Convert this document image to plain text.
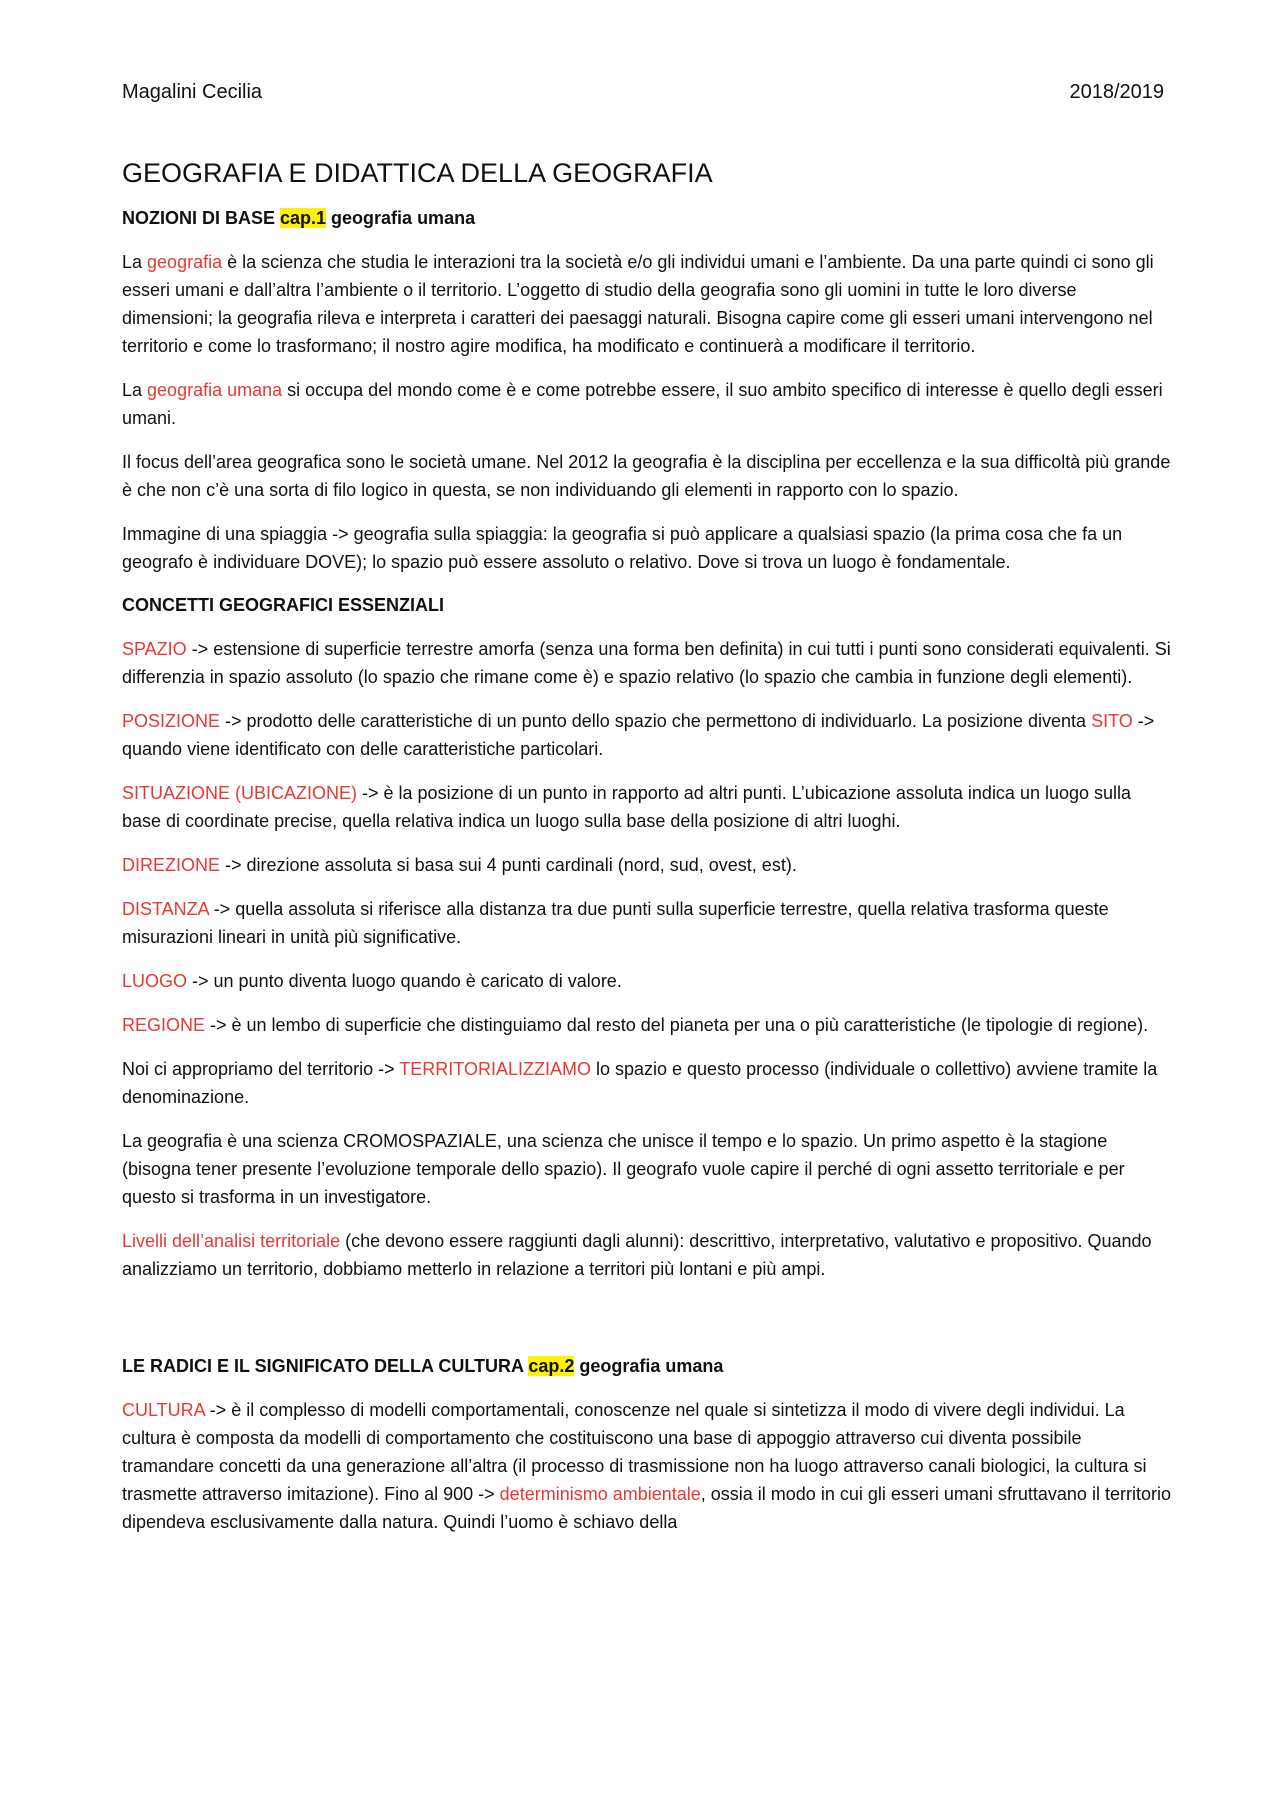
Magalini Cecilia	2018/2019
GEOGRAFIA E DIDATTICA DELLA GEOGRAFIA
NOZIONI DI BASE cap.1 geografia umana

La geografia è la scienza che studia le interazioni tra la società e/o gli individui umani e l’ambiente. Da una parte quindi ci sono gli esseri umani e dall’altra l’ambiente o il territorio. L’oggetto di studio della geografia sono gli uomini in tutte le loro diverse dimensioni; la geografia rileva e interpreta i caratteri dei paesaggi naturali. Bisogna capire come gli esseri umani intervengono nel territorio e come lo trasformano; il nostro agire modifica, ha modificato e continuerà a modificare il territorio.

La geografia umana si occupa del mondo come è e come potrebbe essere, il suo ambito specifico di interesse è quello degli esseri umani.

Il focus dell’area geografica sono le società umane. Nel 2012 la geografia è la disciplina per eccellenza e la sua difficoltà più grande è che non c’è una sorta di filo logico in questa, se non individuando gli elementi in rapporto con lo spazio.

Immagine di una spiaggia -> geografia sulla spiaggia: la geografia si può applicare a qualsiasi spazio (la prima cosa che fa un geografo è individuare DOVE); lo spazio può essere assoluto o relativo. Dove si trova un luogo è fondamentale.

CONCETTI GEOGRAFICI ESSENZIALI

SPAZIO -> estensione di superficie terrestre amorfa (senza una forma ben definita) in cui tutti i punti sono considerati equivalenti. Si differenzia in spazio assoluto (lo spazio che rimane come è) e spazio relativo (lo spazio che cambia in funzione degli elementi).

POSIZIONE -> prodotto delle caratteristiche di un punto dello spazio che permettono di individuarlo. La posizione diventa SITO -> quando viene identificato con delle caratteristiche particolari.

SITUAZIONE (UBICAZIONE) -> è la posizione di un punto in rapporto ad altri punti. L’ubicazione assoluta indica un luogo sulla base di coordinate precise, quella relativa indica un luogo sulla base della posizione di altri luoghi.

DIREZIONE -> direzione assoluta si basa sui 4 punti cardinali (nord, sud, ovest, est).

DISTANZA -> quella assoluta si riferisce alla distanza tra due punti sulla superficie terrestre, quella relativa trasforma queste misurazioni lineari in unità più significative.

LUOGO -> un punto diventa luogo quando è caricato di valore.

REGIONE -> è un lembo di superficie che distinguiamo dal resto del pianeta per una o più caratteristiche (le tipologie di regione).

Noi ci appropriamo del territorio -> TERRITORIALIZZIAMO lo spazio e questo processo (individuale o collettivo) avviene tramite la denominazione.

La geografia è una scienza CROMOSPAZIALE, una scienza che unisce il tempo e lo spazio. Un primo aspetto è la stagione (bisogna tener presente l’evoluzione temporale dello spazio). Il geografo vuole capire il perché di ogni assetto territoriale e per questo si trasforma in un investigatore.

Livelli dell’analisi territoriale (che devono essere raggiunti dagli alunni): descrittivo, interpretativo, valutativo e propositivo. Quando analizziamo un territorio, dobbiamo metterlo in relazione a territori più lontani e più ampi.

LE RADICI E IL SIGNIFICATO DELLA CULTURA cap.2 geografia umana

CULTURA -> è il complesso di modelli comportamentali, conoscenze nel quale si sintetizza il modo di vivere degli individui. La cultura è composta da modelli di comportamento che costituiscono una base di appoggio attraverso cui diventa possibile tramandare concetti da una generazione all’altra (il processo di trasmissione non ha luogo attraverso canali biologici, la cultura si trasmette attraverso imitazione). Fino al 900 -> determinismo ambientale, ossia il modo in cui gli esseri umani sfruttavano il territorio dipendeva esclusivamente dalla natura. Quindi l’uomo è schiavo della
